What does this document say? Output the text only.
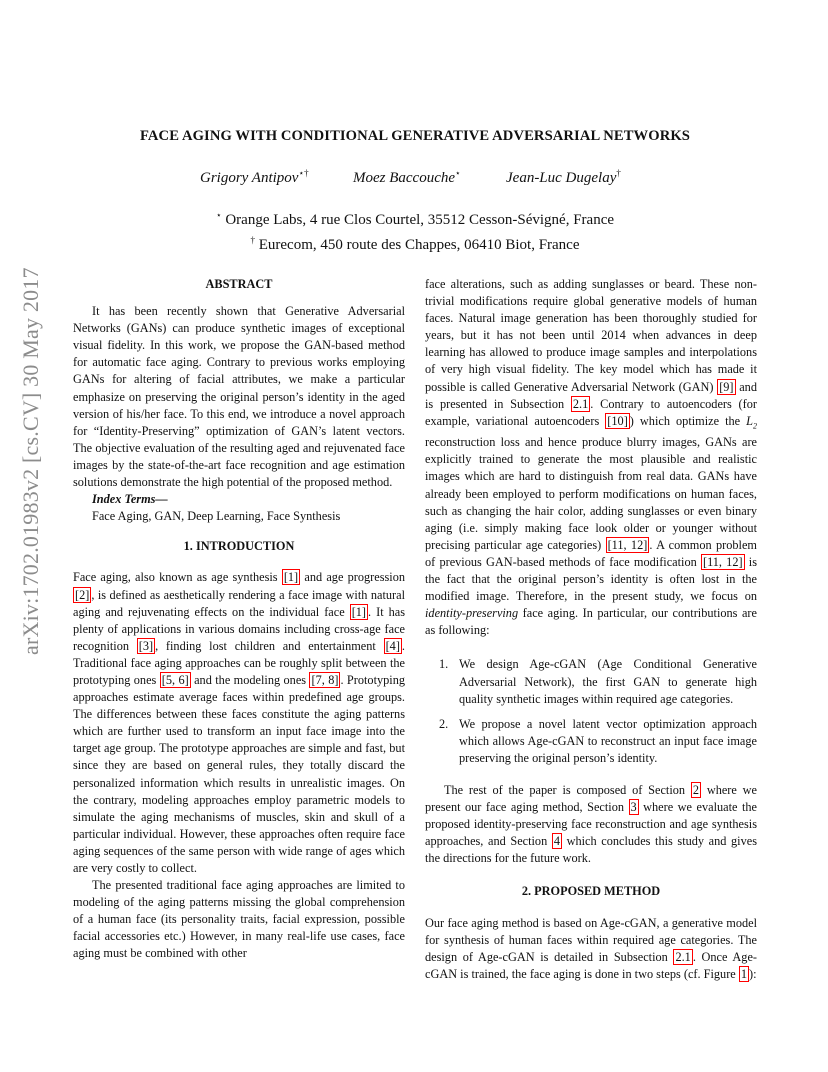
arXiv:1702.01983v2 [cs.CV] 30 May 2017
FACE AGING WITH CONDITIONAL GENERATIVE ADVERSARIAL NETWORKS
Grigory Antipov⋆†	Moez Baccouche⋆	Jean-Luc Dugelay†
⋆ Orange Labs, 4 rue Clos Courtel, 35512 Cesson-Sévigné, France
† Eurecom, 450 route des Chappes, 06410 Biot, France
ABSTRACT

It has been recently shown that Generative Adversarial Networks (GANs) can produce synthetic images of exceptional visual fidelity. In this work, we propose the GAN-based method for automatic face aging. Contrary to previous works employing GANs for altering of facial attributes, we make a particular emphasize on preserving the original person’s identity in the aged version of his/her face. To this end, we introduce a novel approach for “Identity-Preserving” optimization of GAN’s latent vectors. The objective evaluation of the resulting aged and rejuvenated face images by the state-of-the-art face recognition and age estimation solutions demonstrate the high potential of the proposed method.

Index Terms—
Face Aging, GAN, Deep Learning, Face Synthesis
1. INTRODUCTION

Face aging, also known as age synthesis [1] and age progression [2] , is defined as aesthetically rendering a face image with natural aging and rejuvenating effects on the individual face [1] . It has plenty of applications in various domains including cross-age face recognition [3] , finding lost children and entertainment [4] . Traditional face aging approaches can be roughly split between the prototyping ones [5, 6] and the modeling ones [7, 8] . Prototyping approaches estimate average faces within predefined age groups. The differences between these faces constitute the aging patterns which are further used to transform an input face image into the target age group. The prototype approaches are simple and fast, but since they are based on general rules, they totally discard the personalized information which results in unrealistic images. On the contrary, modeling approaches employ parametric models to simulate the aging mechanisms of muscles, skin and skull of a particular individual. However, these approaches often require face aging sequences of the same person with wide range of ages which are very costly to collect.

The presented traditional face aging approaches are limited to modeling of the aging patterns missing the global comprehension of a human face (its personality traits, facial expression, possible facial accessories etc.) However, in many real-life use cases, face aging must be combined with other

face alterations, such as adding sunglasses or beard. These non-trivial modifications require global generative models of human faces. Natural image generation has been thoroughly studied for years, but it has not been until 2014 when advances in deep learning has allowed to produce image samples and interpolations of very high visual fidelity. The key model which has made it possible is called Generative Adversarial Network (GAN) [9] and is presented in Subsection 2.1 . Contrary to autoencoders (for example, variational autoencoders [10] ) which optimize the $L_2$ reconstruction loss and hence produce blurry images, GANs are explicitly trained to generate the most plausible and realistic images which are hard to distinguish from real data. GANs have already been employed to perform modifications on human faces, such as changing the hair color, adding sunglasses or even binary aging (i.e. simply making face look older or younger without precising particular age categories) [11, 12] . A common problem of previous GAN-based methods of face modification [11, 12] is the fact that the original person’s identity is often lost in the modified image. Therefore, in the present study, we focus on identity-preserving face aging. In particular, our contributions are as following:

1. We design Age-cGAN (Age Conditional Generative Adversarial Network), the first GAN to generate high quality synthetic images within required age categories.
2. We propose a novel latent vector optimization approach which allows Age-cGAN to reconstruct an input face image preserving the original person’s identity.

The rest of the paper is composed of Section 2 where we present our face aging method, Section 3 where we evaluate the proposed identity-preserving face reconstruction and age synthesis approaches, and Section 4 which concludes this study and gives the directions for the future work.

2. PROPOSED METHOD

Our face aging method is based on Age-cGAN, a generative model for synthesis of human faces within required age categories. The design of Age-cGAN is detailed in Subsection 2.1 . Once Age-cGAN is trained, the face aging is done in two steps (cf. Figure 1 ):
